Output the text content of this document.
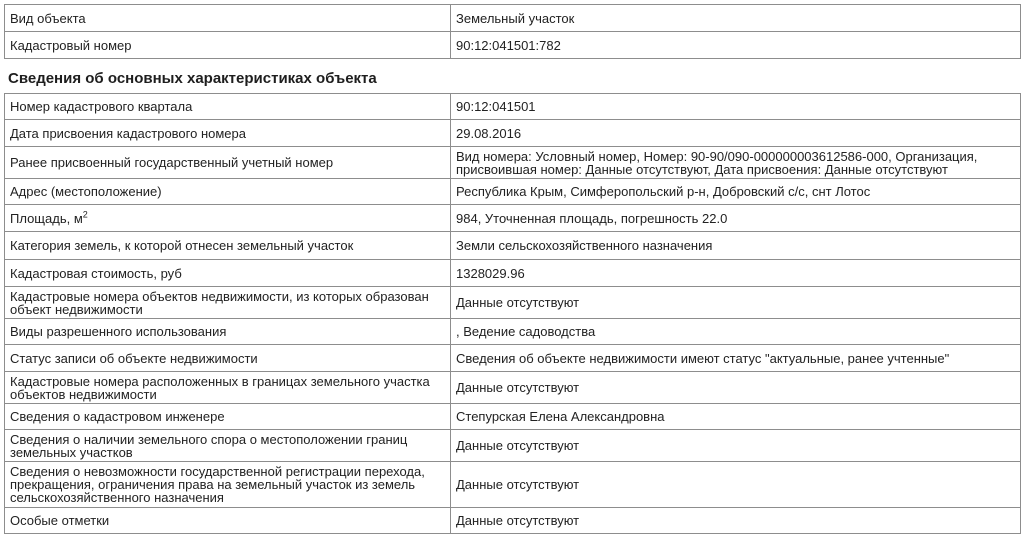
Вид объекта	Земельный участок
Кадастровый номер	90:12:041501:782
Сведения об основных характеристиках объекта
Номер кадастрового квартала	90:12:041501
Дата присвоения кадастрового номера	29.08.2016
Ранее присвоенный государственный учетный номер	Вид номера: Условный номер, Номер: 90-90/090-000000003612586-000, Организация, присвоившая номер: Данные отсутствуют, Дата присвоения: Данные отсутствуют
Адрес (местоположение)	Республика Крым, Симферопольский р-н, Добровский с/с, снт Лотос
Площадь, $м^2$	984, Уточненная площадь, погрешность 22.0
Категория земель, к которой отнесен земельный участок	Земли сельскохозяйственного назначения
Кадастровая стоимость, руб	1328029.96
Кадастровые номера объектов недвижимости, из которых образован объект недвижимости	Данные отсутствуют
Виды разрешенного использования	, Ведение садоводства
Статус записи об объекте недвижимости	Сведения об объекте недвижимости имеют статус "актуальные, ранее учтенные"
Кадастровые номера расположенных в границах земельного участка объектов недвижимости	Данные отсутствуют
Сведения о кадастровом инженере	Степурская Елена Александровна
Сведения о наличии земельного спора о местоположении границ земельных участков	Данные отсутствуют
Сведения о невозможности государственной регистрации перехода, прекращения, ограничения права на земельный участок из земель сельскохозяйственного назначения	Данные отсутствуют
Особые отметки	Данные отсутствуют
